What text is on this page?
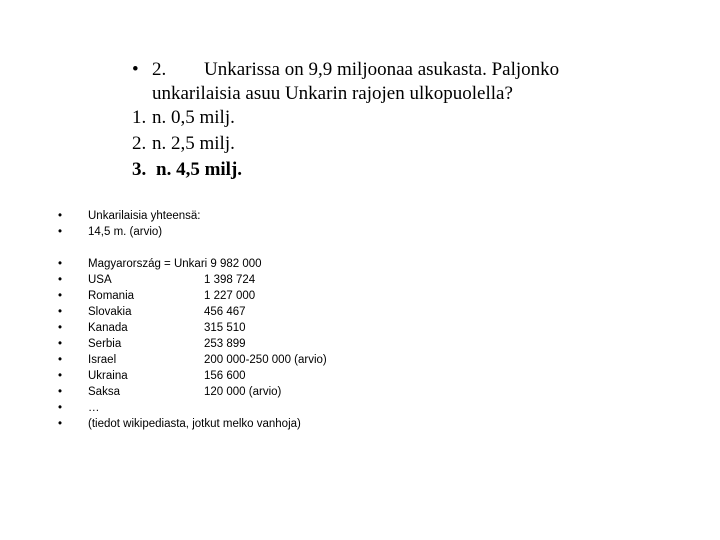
• 2. Unkarissa on 9,9 miljoonaa asukasta. Paljonko
unkarilaisia asuu Unkarin rajojen ulkopuolella?
1. n. 0,5 milj.
2. n. 2,5 milj.
3. n. 4,5 milj.
•	Unkarilaisia yhteensä:
•	14,5 m. (arvio)
•	Magyarország = Unkari 9 982 000
•	USA	1 398 724
•	Romania	1 227 000
•	Slovakia	456 467
•	Kanada	315 510
•	Serbia	253 899
•	Israel	200 000-250 000 (arvio)
•	Ukraina	156 600
•	Saksa	120 000 (arvio)
•	…
•	(tiedot wikipediasta, jotkut melko vanhoja)
